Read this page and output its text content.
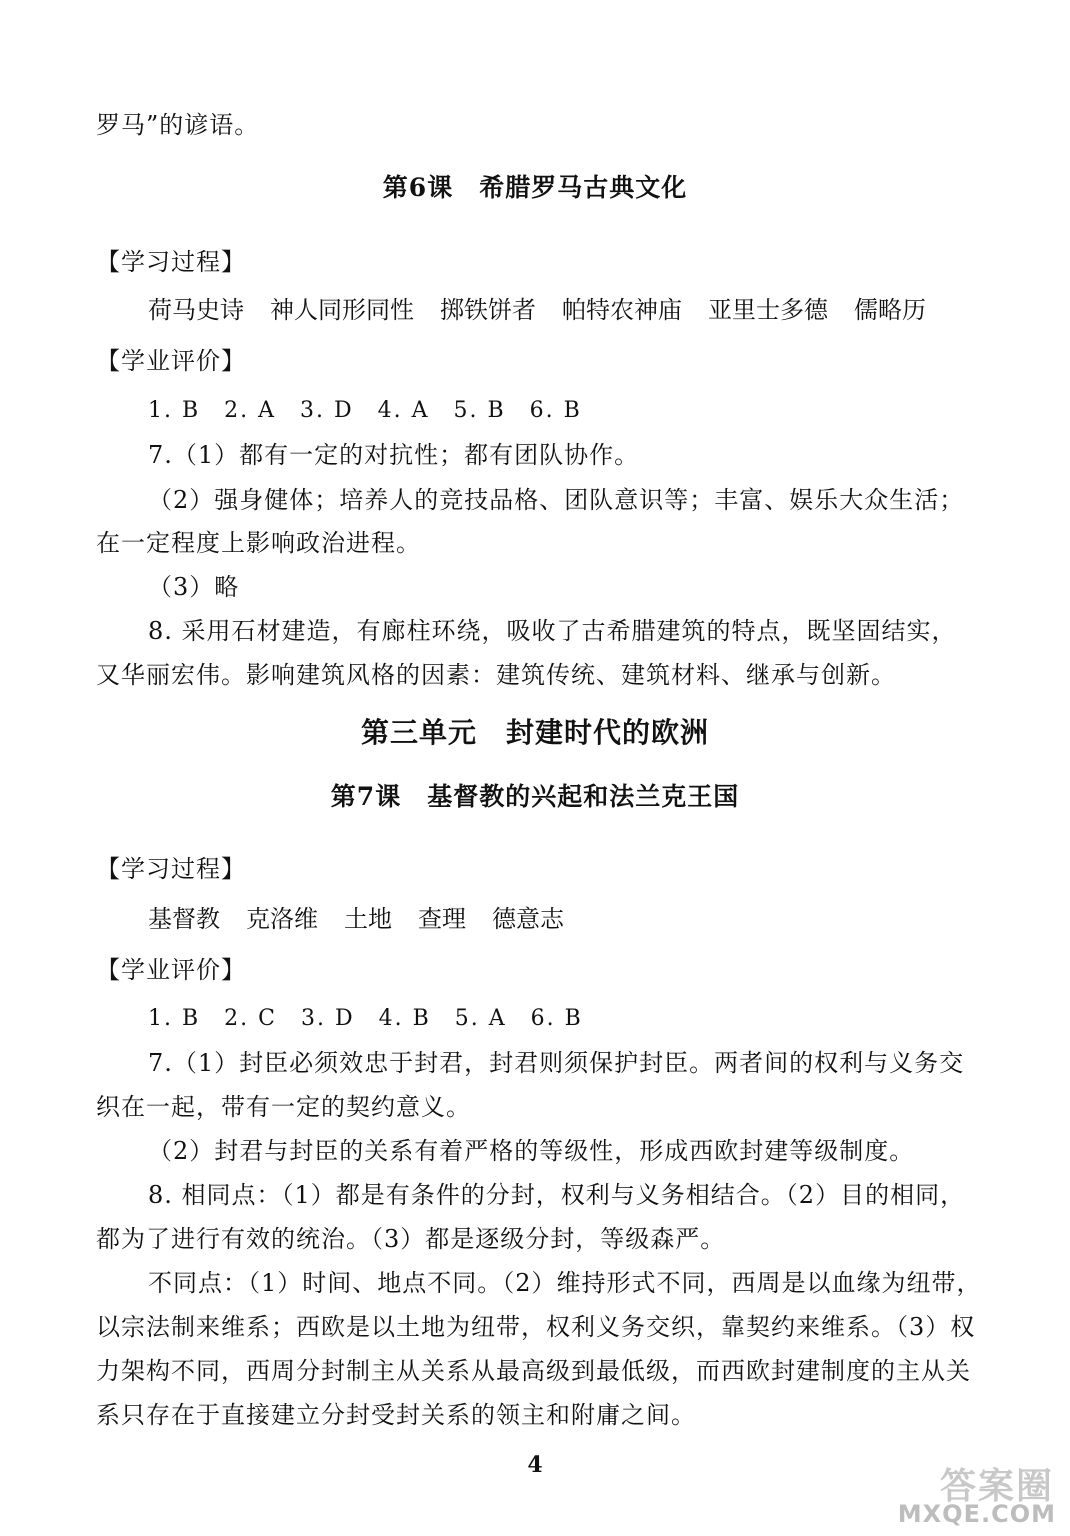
罗马”的谚语。
第6课　希腊罗马古典文化
【学习过程】
荷马史诗 神人同形同性 掷铁饼者 帕特农神庙 亚里士多德 儒略历
【学业评价】
1. B　2. A　3. D　4. A　5. B　6. B
7.（1）都有一定的对抗性；都有团队协作。
（2）强身健体；培养人的竞技品格、团队意识等；丰富、娱乐大众生活；
在一定程度上影响政治进程。
（3）略
8. 采用石材建造，有廊柱环绕，吸收了古希腊建筑的特点，既坚固结实，
又华丽宏伟。影响建筑风格的因素：建筑传统、建筑材料、继承与创新。
第三单元　封建时代的欧洲
第7课　基督教的兴起和法兰克王国
【学习过程】
基督教 克洛维 土地 查理 德意志
【学业评价】
1. B　2. C　3. D　4. B　5. A　6. B
7.（1）封臣必须效忠于封君，封君则须保护封臣。两者间的权利与义务交
织在一起，带有一定的契约意义。
（2）封君与封臣的关系有着严格的等级性，形成西欧封建等级制度。
8. 相同点：（1）都是有条件的分封，权利与义务相结合。（2）目的相同，
都为了进行有效的统治。（3）都是逐级分封，等级森严。
不同点：（1）时间、地点不同。（2）维持形式不同，西周是以血缘为纽带，
以宗法制来维系；西欧是以土地为纽带，权利义务交织，靠契约来维系。（3）权
力架构不同，西周分封制主从关系从最高级到最低级，而西欧封建制度的主从关
系只存在于直接建立分封受封关系的领主和附庸之间。
4
答案圈
MXQE.COM
